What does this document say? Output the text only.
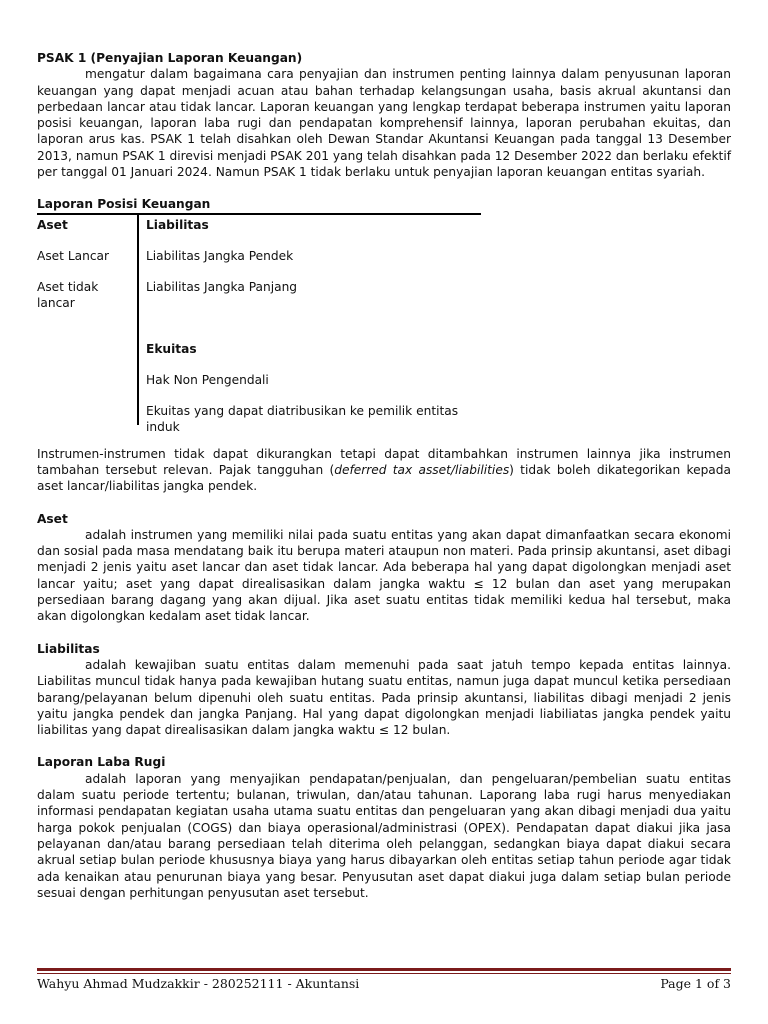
PSAK 1 (Penyajian Laporan Keuangan)

mengatur dalam bagaimana cara penyajian dan instrumen penting lainnya dalam penyusunan laporan keuangan yang dapat menjadi acuan atau bahan terhadap kelangsungan usaha, basis akrual akuntansi dan perbedaan lancar atau tidak lancar. Laporan keuangan yang lengkap terdapat beberapa instrumen yaitu laporan posisi keuangan, laporan laba rugi dan pendapatan komprehensif lainnya, laporan perubahan ekuitas, dan laporan arus kas. PSAK 1 telah disahkan oleh Dewan Standar Akuntansi Keuangan pada tanggal 13 Desember 2013, namun PSAK 1 direvisi menjadi PSAK 201 yang telah disahkan pada 12 Desember 2022 dan berlaku efektif per tanggal 01 Januari 2024. Namun PSAK 1 tidak berlaku untuk penyajian laporan keuangan entitas syariah.

Laporan Posisi Keuangan
Aset
Aset Lancar
Aset tidak lancar
Liabilitas
Liabilitas Jangka Pendek
Liabilitas Jangka Panjang
Ekuitas
Hak Non Pengendali
Ekuitas yang dapat diatribusikan ke pemilik entitas induk

Instrumen-instrumen tidak dapat dikurangkan tetapi dapat ditambahkan instrumen lainnya jika instrumen tambahan tersebut relevan. Pajak tangguhan (deferred tax asset/liabilities) tidak boleh dikategorikan kepada aset lancar/liabilitas jangka pendek.

Aset

adalah instrumen yang memiliki nilai pada suatu entitas yang akan dapat dimanfaatkan secara ekonomi dan sosial pada masa mendatang baik itu berupa materi ataupun non materi. Pada prinsip akuntansi, aset dibagi menjadi 2 jenis yaitu aset lancar dan aset tidak lancar. Ada beberapa hal yang dapat digolongkan menjadi aset lancar yaitu; aset yang dapat direalisasikan dalam jangka waktu ≤ 12 bulan dan aset yang merupakan persediaan barang dagang yang akan dijual. Jika aset suatu entitas tidak memiliki kedua hal tersebut, maka akan digolongkan kedalam aset tidak lancar.

Liabilitas

adalah kewajiban suatu entitas dalam memenuhi pada saat jatuh tempo kepada entitas lainnya. Liabilitas muncul tidak hanya pada kewajiban hutang suatu entitas, namun juga dapat muncul ketika persediaan barang/pelayanan belum dipenuhi oleh suatu entitas. Pada prinsip akuntansi, liabilitas dibagi menjadi 2 jenis yaitu jangka pendek dan jangka Panjang. Hal yang dapat digolongkan menjadi liabiliatas jangka pendek yaitu liabilitas yang dapat direalisasikan dalam jangka waktu ≤ 12 bulan.

Laporan Laba Rugi

adalah laporan yang menyajikan pendapatan/penjualan, dan pengeluaran/pembelian suatu entitas dalam suatu periode tertentu; bulanan, triwulan, dan/atau tahunan. Laporang laba rugi harus menyediakan informasi pendapatan kegiatan usaha utama suatu entitas dan pengeluaran yang akan dibagi menjadi dua yaitu harga pokok penjualan (COGS) dan biaya operasional/administrasi (OPEX). Pendapatan dapat diakui jika jasa pelayanan dan/atau barang persediaan telah diterima oleh pelanggan, sedangkan biaya dapat diakui secara akrual setiap bulan periode khususnya biaya yang harus dibayarkan oleh entitas setiap tahun periode agar tidak ada kenaikan atau penurunan biaya yang besar. Penyusutan aset dapat diakui juga dalam setiap bulan periode sesuai dengan perhitungan penyusutan aset tersebut.

Wahyu Ahmad Mudzakkir - 280252111 - Akuntansi	Page 1 of 3
